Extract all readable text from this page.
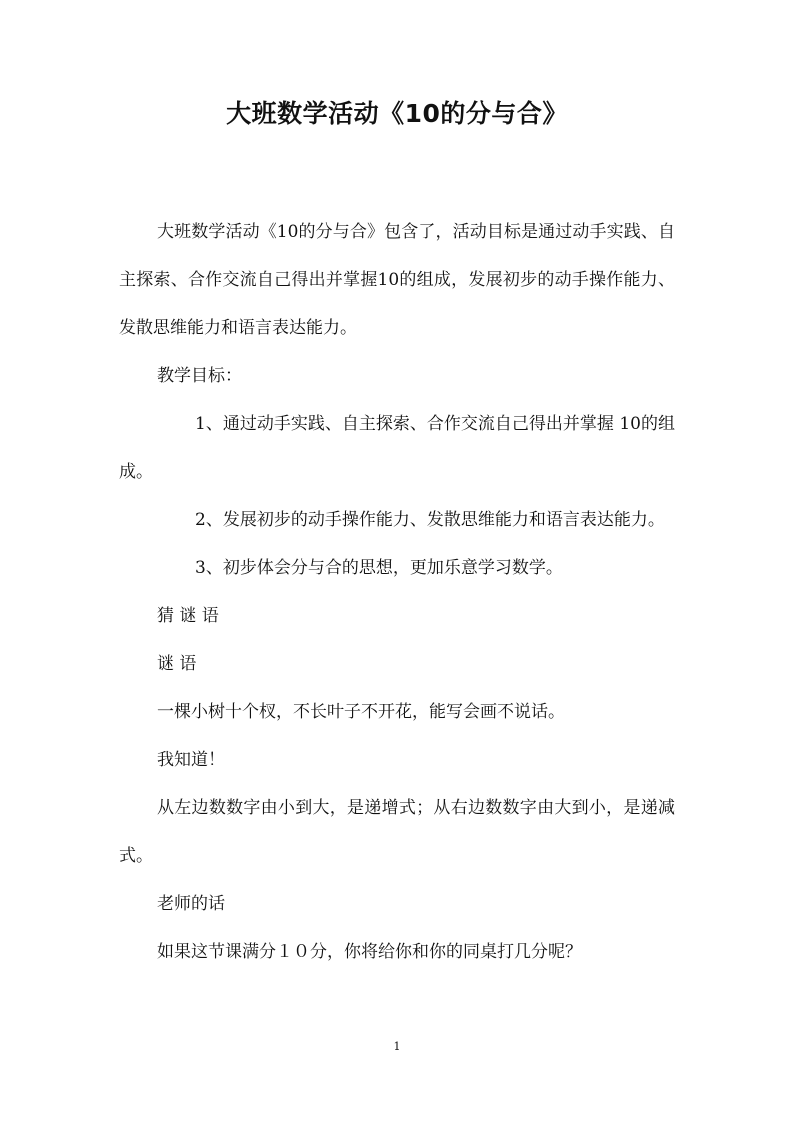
大班数学活动《10的分与合》

大班数学活动《10的分与合》包含了，活动目标是通过动手实践、自主探索、合作交流自己得出并掌握10的组成，发展初步的动手操作能力、发散思维能力和语言表达能力。

教学目标：

1、通过动手实践、自主探索、合作交流自己得出并掌握 10的组成。

2、发展初步的动手操作能力、发散思维能力和语言表达能力。

3、初步体会分与合的思想，更加乐意学习数学。

猜 谜 语

谜 语

一棵小树十个杈，不长叶子不开花，能写会画不说话。

我知道！

从左边数数字由小到大，是递增式；从右边数数字由大到小，是递减式。

老师的话

如果这节课满分１０分，你将给你和你的同桌打几分呢？

1
